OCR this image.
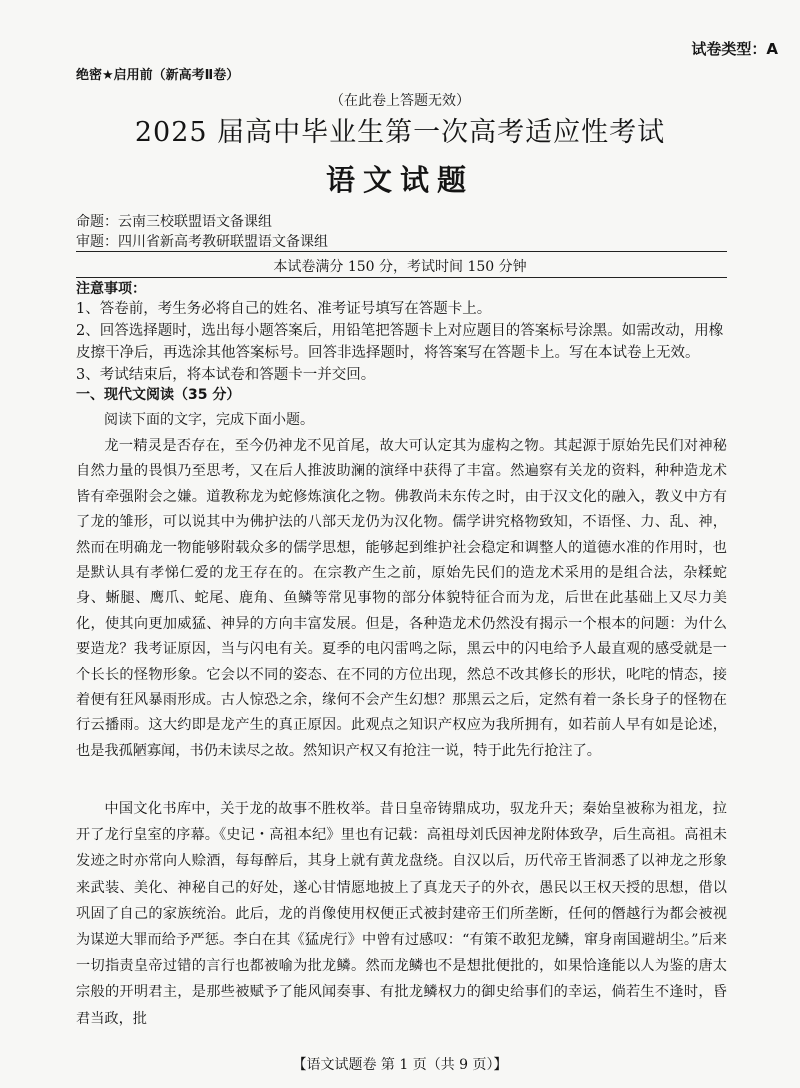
试卷类型：A
绝密★启用前（新高考Ⅱ卷）
（在此卷上答题无效）
2025 届高中毕业生第一次高考适应性考试
语文试题
命题：云南三校联盟语文备课组
审题：四川省新高考教研联盟语文备课组
本试卷满分 150 分，考试时间 150 分钟
注意事项：
1、答卷前，考生务必将自己的姓名、准考证号填写在答题卡上。
2、回答选择题时，选出每小题答案后，用铅笔把答题卡上对应题目的答案标号涂黑。如需改动，用橡皮擦干净后，再选涂其他答案标号。回答非选择题时，将答案写在答题卡上。写在本试卷上无效。
3、考试结束后，将本试卷和答题卡一并交回。
一、现代文阅读（35 分）
阅读下面的文字，完成下面小题。

龙一精灵是否存在，至今仍神龙不见首尾，故大可认定其为虚构之物。其起源于原始先民们对神秘自然力量的畏惧乃至思考，又在后人推波助澜的演绎中获得了丰富。然遍察有关龙的资料，种种造龙术皆有牵强附会之嫌。道教称龙为蛇修炼演化之物。佛教尚未东传之时，由于汉文化的融入，教义中方有了龙的雏形，可以说其中为佛护法的八部天龙仍为汉化物。儒学讲究格物致知，不语怪、力、乱、神，然而在明确龙一物能够附载众多的儒学思想，能够起到维护社会稳定和调整人的道德水准的作用时，也是默认具有孝悌仁爱的龙王存在的。在宗教产生之前，原始先民们的造龙术采用的是组合法，杂糅蛇身、蜥腿、鹰爪、蛇尾、鹿角、鱼鳞等常见事物的部分体貌特征合而为龙，后世在此基础上又尽力美化，使其向更加威猛、神异的方向丰富发展。但是，各种造龙术仍然没有揭示一个根本的问题：为什么要造龙？我考证原因，当与闪电有关。夏季的电闪雷鸣之际，黑云中的闪电给予人最直观的感受就是一个长长的怪物形象。它会以不同的姿态、在不同的方位出现，然总不改其修长的形状，叱咤的情态，接着便有狂风暴雨形成。古人惊恐之余，缘何不会产生幻想？那黑云之后，定然有着一条长身子的怪物在行云播雨。这大约即是龙产生的真正原因。此观点之知识产权应为我所拥有，如若前人早有如是论述，也是我孤陋寡闻，书仍未读尽之故。然知识产权又有抢注一说，特于此先行抢注了。

中国文化书库中，关于龙的故事不胜枚举。昔日皇帝铸鼎成功，驭龙升天；秦始皇被称为祖龙，拉开了龙行皇室的序幕。《史记・高祖本纪》里也有记载：高祖母刘氏因神龙附体致孕，后生高祖。高祖未发迹之时亦常向人赊酒，每每醉后，其身上就有黄龙盘绕。自汉以后，历代帝王皆洞悉了以神龙之形象来武装、美化、神秘自己的好处，遂心甘情愿地披上了真龙天子的外衣，愚民以王权天授的思想，借以巩固了自己的家族统治。此后，龙的肖像使用权便正式被封建帝王们所垄断，任何的僭越行为都会被视为谋逆大罪而给予严惩。李白在其《猛虎行》中曾有过感叹：“有策不敢犯龙鳞，窜身南国避胡尘。”后来一切指责皇帝过错的言行也都被喻为批龙鳞。然而龙鳞也不是想批便批的，如果恰逢能以人为鉴的唐太宗般的开明君主，是那些被赋予了能风闻奏事、有批龙鳞权力的御史给事们的幸运，倘若生不逢时，昏君当政，批

【语文试题卷 第 1 页（共 9 页）】
